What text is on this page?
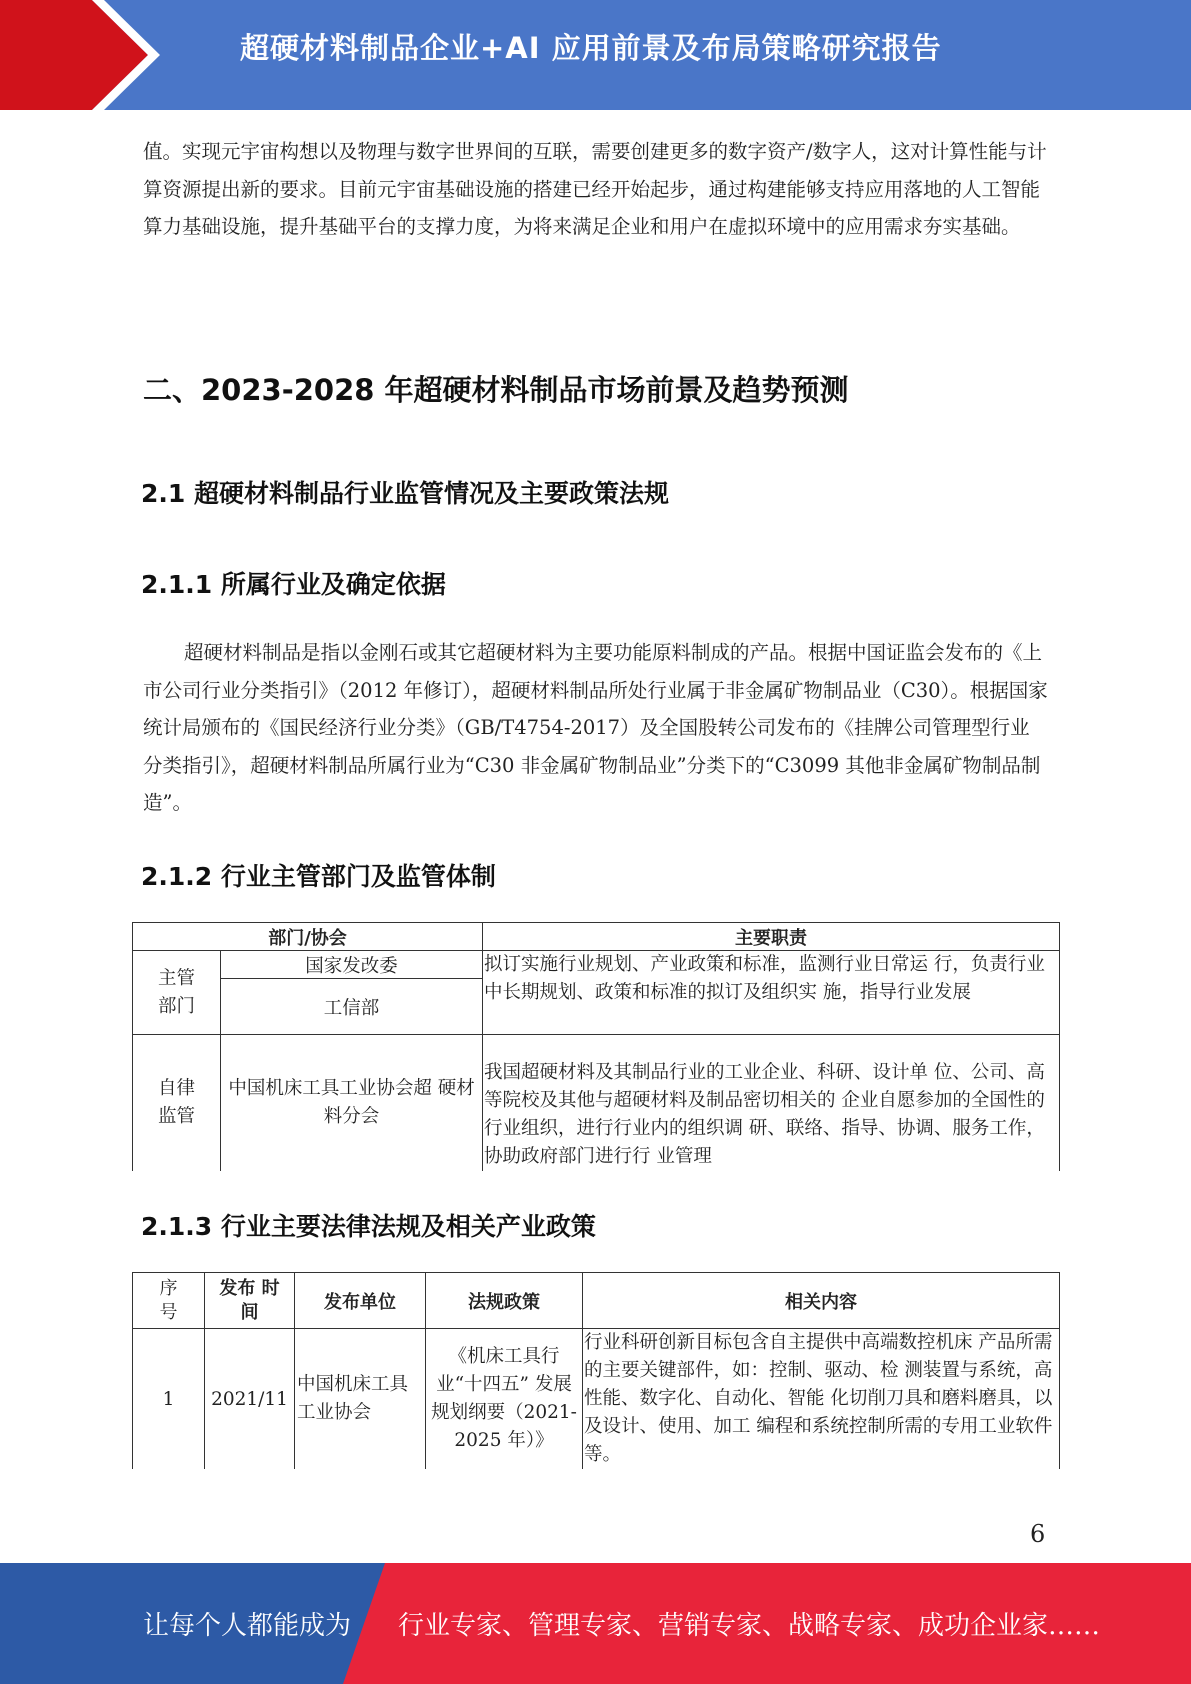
超硬材料制品企业+AI 应用前景及布局策略研究报告

值。实现元宇宙构想以及物理与数字世界间的互联，需要创建更多的数字资产/数字人，这对计算性能与计算资源提出新的要求。目前元宇宙基础设施的搭建已经开始起步，通过构建能够支持应用落地的人工智能算力基础设施，提升基础平台的支撑力度，为将来满足企业和用户在虚拟环境中的应用需求夯实基础。

二、2023-2028 年超硬材料制品市场前景及趋势预测
2.1 超硬材料制品行业监管情况及主要政策法规
2.1.1 所属行业及确定依据

超硬材料制品是指以金刚石或其它超硬材料为主要功能原料制成的产品。根据中国证监会发布的《上市公司行业分类指引》（2012 年修订），超硬材料制品所处行业属于非金属矿物制品业（C30）。根据国家统计局颁布的《国民经济行业分类》（GB/T4754-2017）及全国股转公司发布的《挂牌公司管理型行业分类指引》，超硬材料制品所属行业为“C30 非金属矿物制品业”分类下的“C3099 其他非金属矿物制品制造”。

2.1.2 行业主管部门及监管体制
部门/协会		主要职责
主管部门	国家发改委	拟订实施行业规划、产业政策和标准，监测行业日常运 行，负责行业中长期规划、政策和标准的拟订及组织实 施，指导行业发展
	工信部	
自律监管	中国机床工具工业协会超 硬材料分会	我国超硬材料及其制品行业的工业企业、科研、设计单 位、公司、高等院校及其他与超硬材料及制品密切相关的 企业自愿参加的全国性的行业组织，进行行业内的组织调 研、联络、指导、协调、服务工作，协助政府部门进行行 业管理
2.1.3 行业主要法律法规及相关产业政策
序号	发布 时间	发布单位	法规政策	相关内容
1	2021/11	中国机床工具工业协会	《机床工具行 业“十四五” 发展规划纲要（2021-2025 年）》	行业科研创新目标包含自主提供中高端数控机床 产品所需的主要关键部件，如：控制、驱动、检 测装置与系统，高性能、数字化、自动化、智能 化切削刀具和磨料磨具，以及设计、使用、加工 编程和系统控制所需的专用工业软件等。
6
让每个人都能成为 行业专家、管理专家、营销专家、战略专家、成功企业家……
